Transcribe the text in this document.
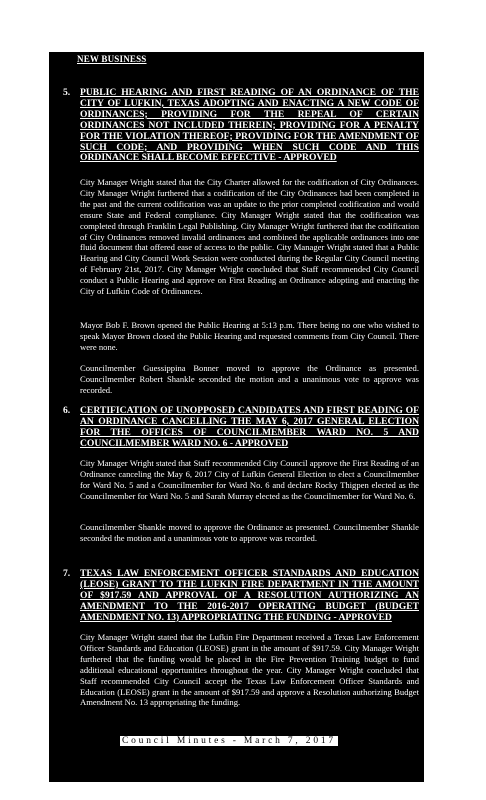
NEW BUSINESS
5. PUBLIC HEARING AND FIRST READING OF AN ORDINANCE OF THE CITY OF LUFKIN, TEXAS ADOPTING AND ENACTING A NEW CODE OF ORDINANCES; PROVIDING FOR THE REPEAL OF CERTAIN ORDINANCES NOT INCLUDED THEREIN; PROVIDING FOR A PENALTY FOR THE VIOLATION THEREOF; PROVIDING FOR THE AMENDMENT OF SUCH CODE; AND PROVIDING WHEN SUCH CODE AND THIS ORDINANCE SHALL BECOME EFFECTIVE - APPROVED
City Manager Wright stated that the City Charter allowed for the codification of City Ordinances. City Manager Wright furthered that a codification of the City Ordinances had been completed in the past and the current codification was an update to the prior completed codification and would ensure State and Federal compliance. City Manager Wright stated that the codification was completed through Franklin Legal Publishing. City Manager Wright furthered that the codification of City Ordinances removed invalid ordinances and combined the applicable ordinances into one fluid document that offered ease of access to the public. City Manager Wright stated that a Public Hearing and City Council Work Session were conducted during the Regular City Council meeting of February 21st, 2017. City Manager Wright concluded that Staff recommended City Council conduct a Public Hearing and approve on First Reading an Ordinance adopting and enacting the City of Lufkin Code of Ordinances.
Mayor Bob F. Brown opened the Public Hearing at 5:13 p.m. There being no one who wished to speak Mayor Brown closed the Public Hearing and requested comments from City Council. There were none.
Councilmember Guessippina Bonner moved to approve the Ordinance as presented. Councilmember Robert Shankle seconded the motion and a unanimous vote to approve was recorded.
6. CERTIFICATION OF UNOPPOSED CANDIDATES AND FIRST READING OF AN ORDINANCE CANCELLING THE MAY 6, 2017 GENERAL ELECTION FOR THE OFFICES OF COUNCILMEMBER WARD NO. 5 AND COUNCILMEMBER WARD NO. 6 - APPROVED
City Manager Wright stated that Staff recommended City Council approve the First Reading of an Ordinance canceling the May 6, 2017 City of Lufkin General Election to elect a Councilmember for Ward No. 5 and a Councilmember for Ward No. 6 and declare Rocky Thigpen elected as the Councilmember for Ward No. 5 and Sarah Murray elected as the Councilmember for Ward No. 6.
Councilmember Shankle moved to approve the Ordinance as presented. Councilmember Shankle seconded the motion and a unanimous vote to approve was recorded.
7. TEXAS LAW ENFORCEMENT OFFICER STANDARDS AND EDUCATION (LEOSE) GRANT TO THE LUFKIN FIRE DEPARTMENT IN THE AMOUNT OF $917.59 AND APPROVAL OF A RESOLUTION AUTHORIZING AN AMENDMENT TO THE 2016-2017 OPERATING BUDGET (BUDGET AMENDMENT NO. 13) APPROPRIATING THE FUNDING - APPROVED
City Manager Wright stated that the Lufkin Fire Department received a Texas Law Enforcement Officer Standards and Education (LEOSE) grant in the amount of $917.59. City Manager Wright furthered that the funding would be placed in the Fire Prevention Training budget to fund additional educational opportunities throughout the year. City Manager Wright concluded that Staff recommended City Council accept the Texas Law Enforcement Officer Standards and Education (LEOSE) grant in the amount of $917.59 and approve a Resolution authorizing Budget Amendment No. 13 appropriating the funding.
2	Council Minutes - March 7, 2017
